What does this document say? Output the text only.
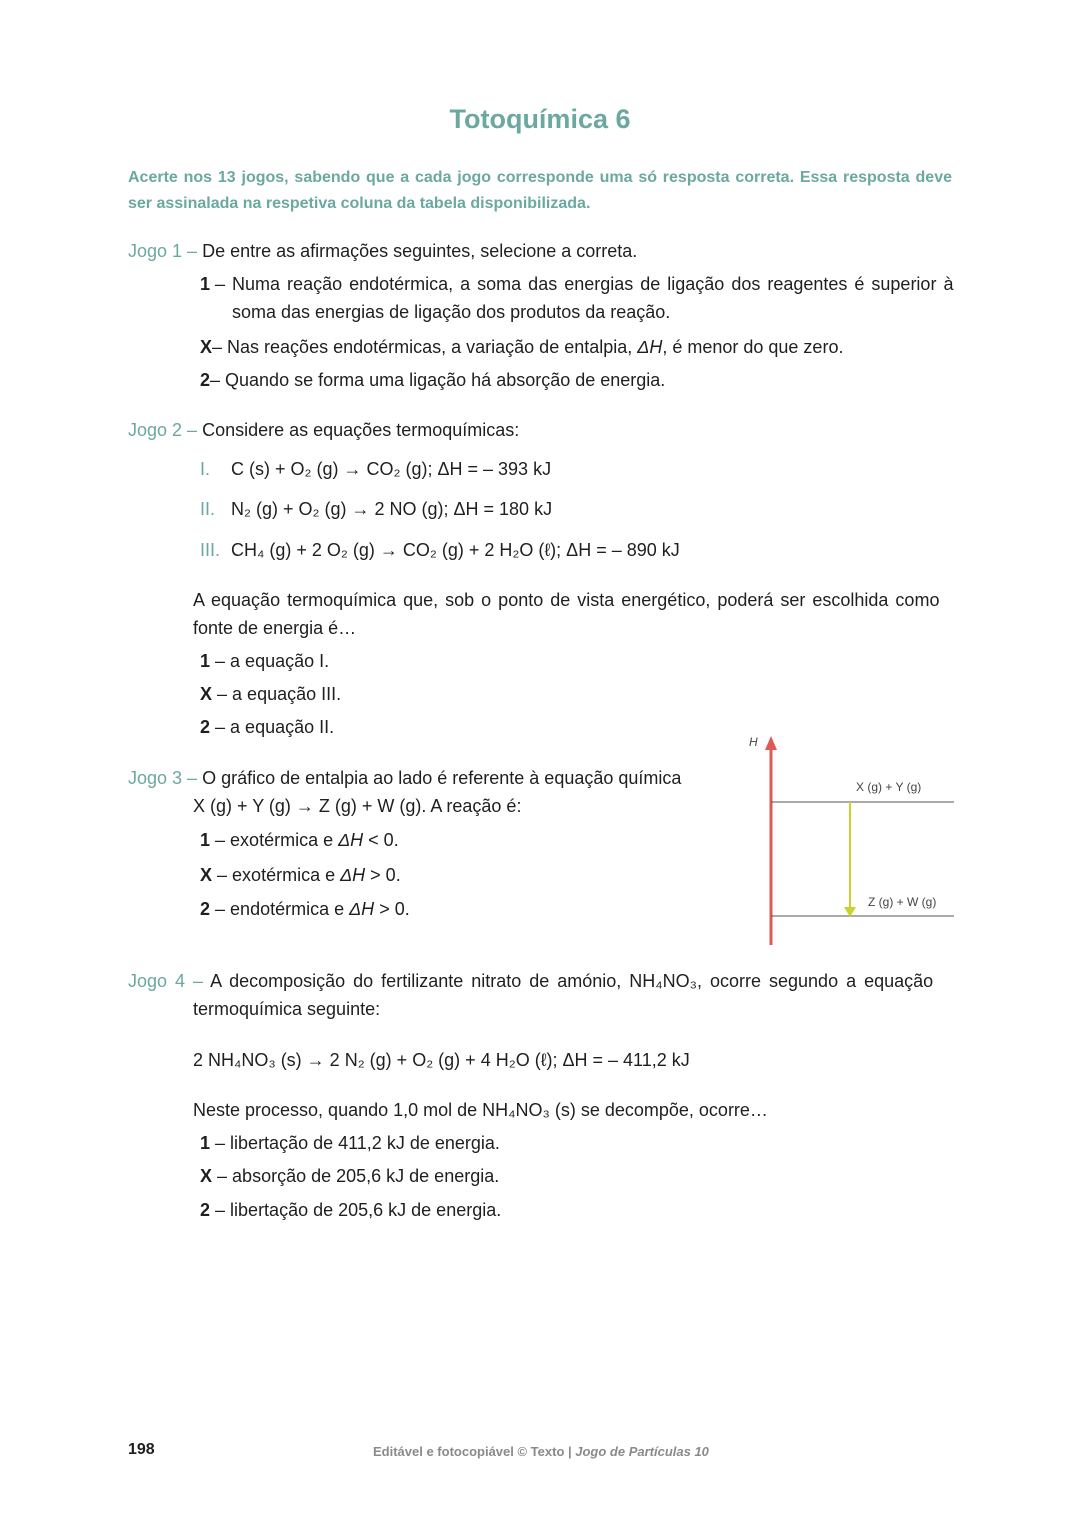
Totoquímica 6
Acerte nos 13 jogos, sabendo que a cada jogo corresponde uma só resposta correta. Essa resposta deve ser assinalada na respetiva coluna da tabela disponibilizada.
Jogo 1 – De entre as afirmações seguintes, selecione a correta.
1 – Numa reação endotérmica, a soma das energias de ligação dos reagentes é superior à
soma das energias de ligação dos produtos da reação.
X– Nas reações endotérmicas, a variação de entalpia, ΔH, é menor do que zero.
2– Quando se forma uma ligação há absorção de energia.
Jogo 2 – Considere as equações termoquímicas:
I. C (s) + O₂ (g) → CO₂ (g); ΔH = – 393 kJ
II. N₂ (g) + O₂ (g) → 2 NO (g); ΔH = 180 kJ
III. CH₄ (g) + 2 O₂ (g) → CO₂ (g) + 2 H₂O (ℓ); ΔH = – 890 kJ
A equação termoquímica que, sob o ponto de vista energético, poderá ser escolhida como
fonte de energia é…
1 – a equação I.
X – a equação III.
2 – a equação II.
Jogo 3 – O gráfico de entalpia ao lado é referente à equação química
X (g) + Y (g) → Z (g) + W (g). A reação é:
1 – exotérmica e ΔH < 0.
X – exotérmica e ΔH > 0.
2 – endotérmica e ΔH > 0.
H
X (g) + Y (g)
Z (g) + W (g)
Jogo 4 – A decomposição do fertilizante nitrato de amónio, NH₄NO₃, ocorre segundo a equação
termoquímica seguinte:
2 NH₄NO₃ (s) → 2 N₂ (g) + O₂ (g) + 4 H₂O (ℓ); ΔH = – 411,2 kJ
Neste processo, quando 1,0 mol de NH₄NO₃ (s) se decompõe, ocorre…
1 – libertação de 411,2 kJ de energia.
X – absorção de 205,6 kJ de energia.
2 – libertação de 205,6 kJ de energia.
198	Editável e fotocopiável © Texto | Jogo de Partículas 10
